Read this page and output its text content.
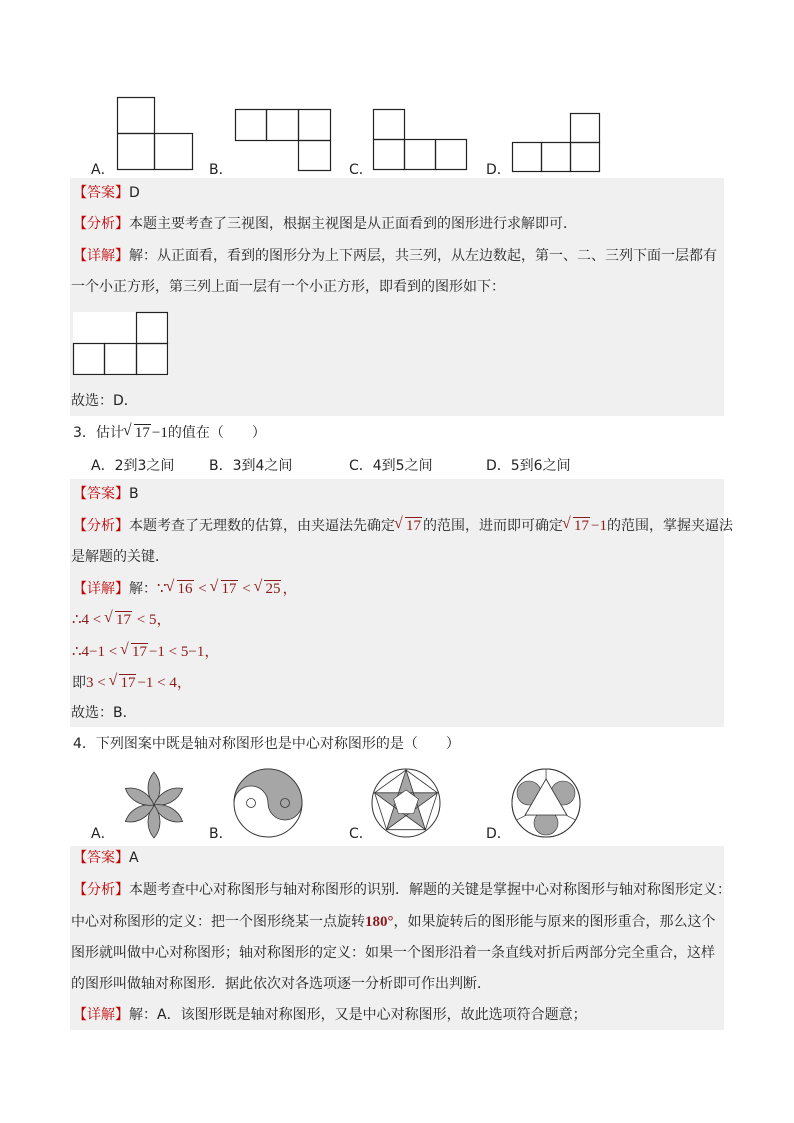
A．	B．	C．	D．
【答案】D
【分析】本题主要考查了三视图，根据主视图是从正面看到的图形进行求解即可．
【详解】解：从正面看，看到的图形分为上下两层，共三列，从左边数起，第一、二、三列下面一层都有
一个小正方形，第三列上面一层有一个小正方形，即看到的图形如下：
故选：D．
3．估计 √ 17 −1的值在（　　）
A．2到3之间 B．3到4之间	C．4到5之间	D．5到6之间
【答案】B
【分析】本题考查了无理数的估算，由夹逼法先确定 √ 17 的范围，进而即可确定 √ 17 −1的范围，掌握夹逼法
是解题的关键．
【详解】解：∵ √ 16 < √ 17 < √ 25 ，
∴4 < √ 17 < 5，
∴4−1 < √ 17 −1 < 5−1，
即3 < √ 17 −1 < 4，
故选：B．
4．下列图案中既是轴对称图形也是中心对称图形的是（　　）
A．	B．	C．	D．
【答案】A
【分析】本题考查中心对称图形与轴对称图形的识别．解题的关键是掌握中心对称图形与轴对称图形定义：
中心对称图形的定义：把一个图形绕某一点旋转180°，如果旋转后的图形能与原来的图形重合，那么这个
图形就叫做中心对称图形；轴对称图形的定义：如果一个图形沿着一条直线对折后两部分完全重合，这样
的图形叫做轴对称图形．据此依次对各选项逐一分析即可作出判断．
【详解】解：A．该图形既是轴对称图形，又是中心对称图形，故此选项符合题意；
